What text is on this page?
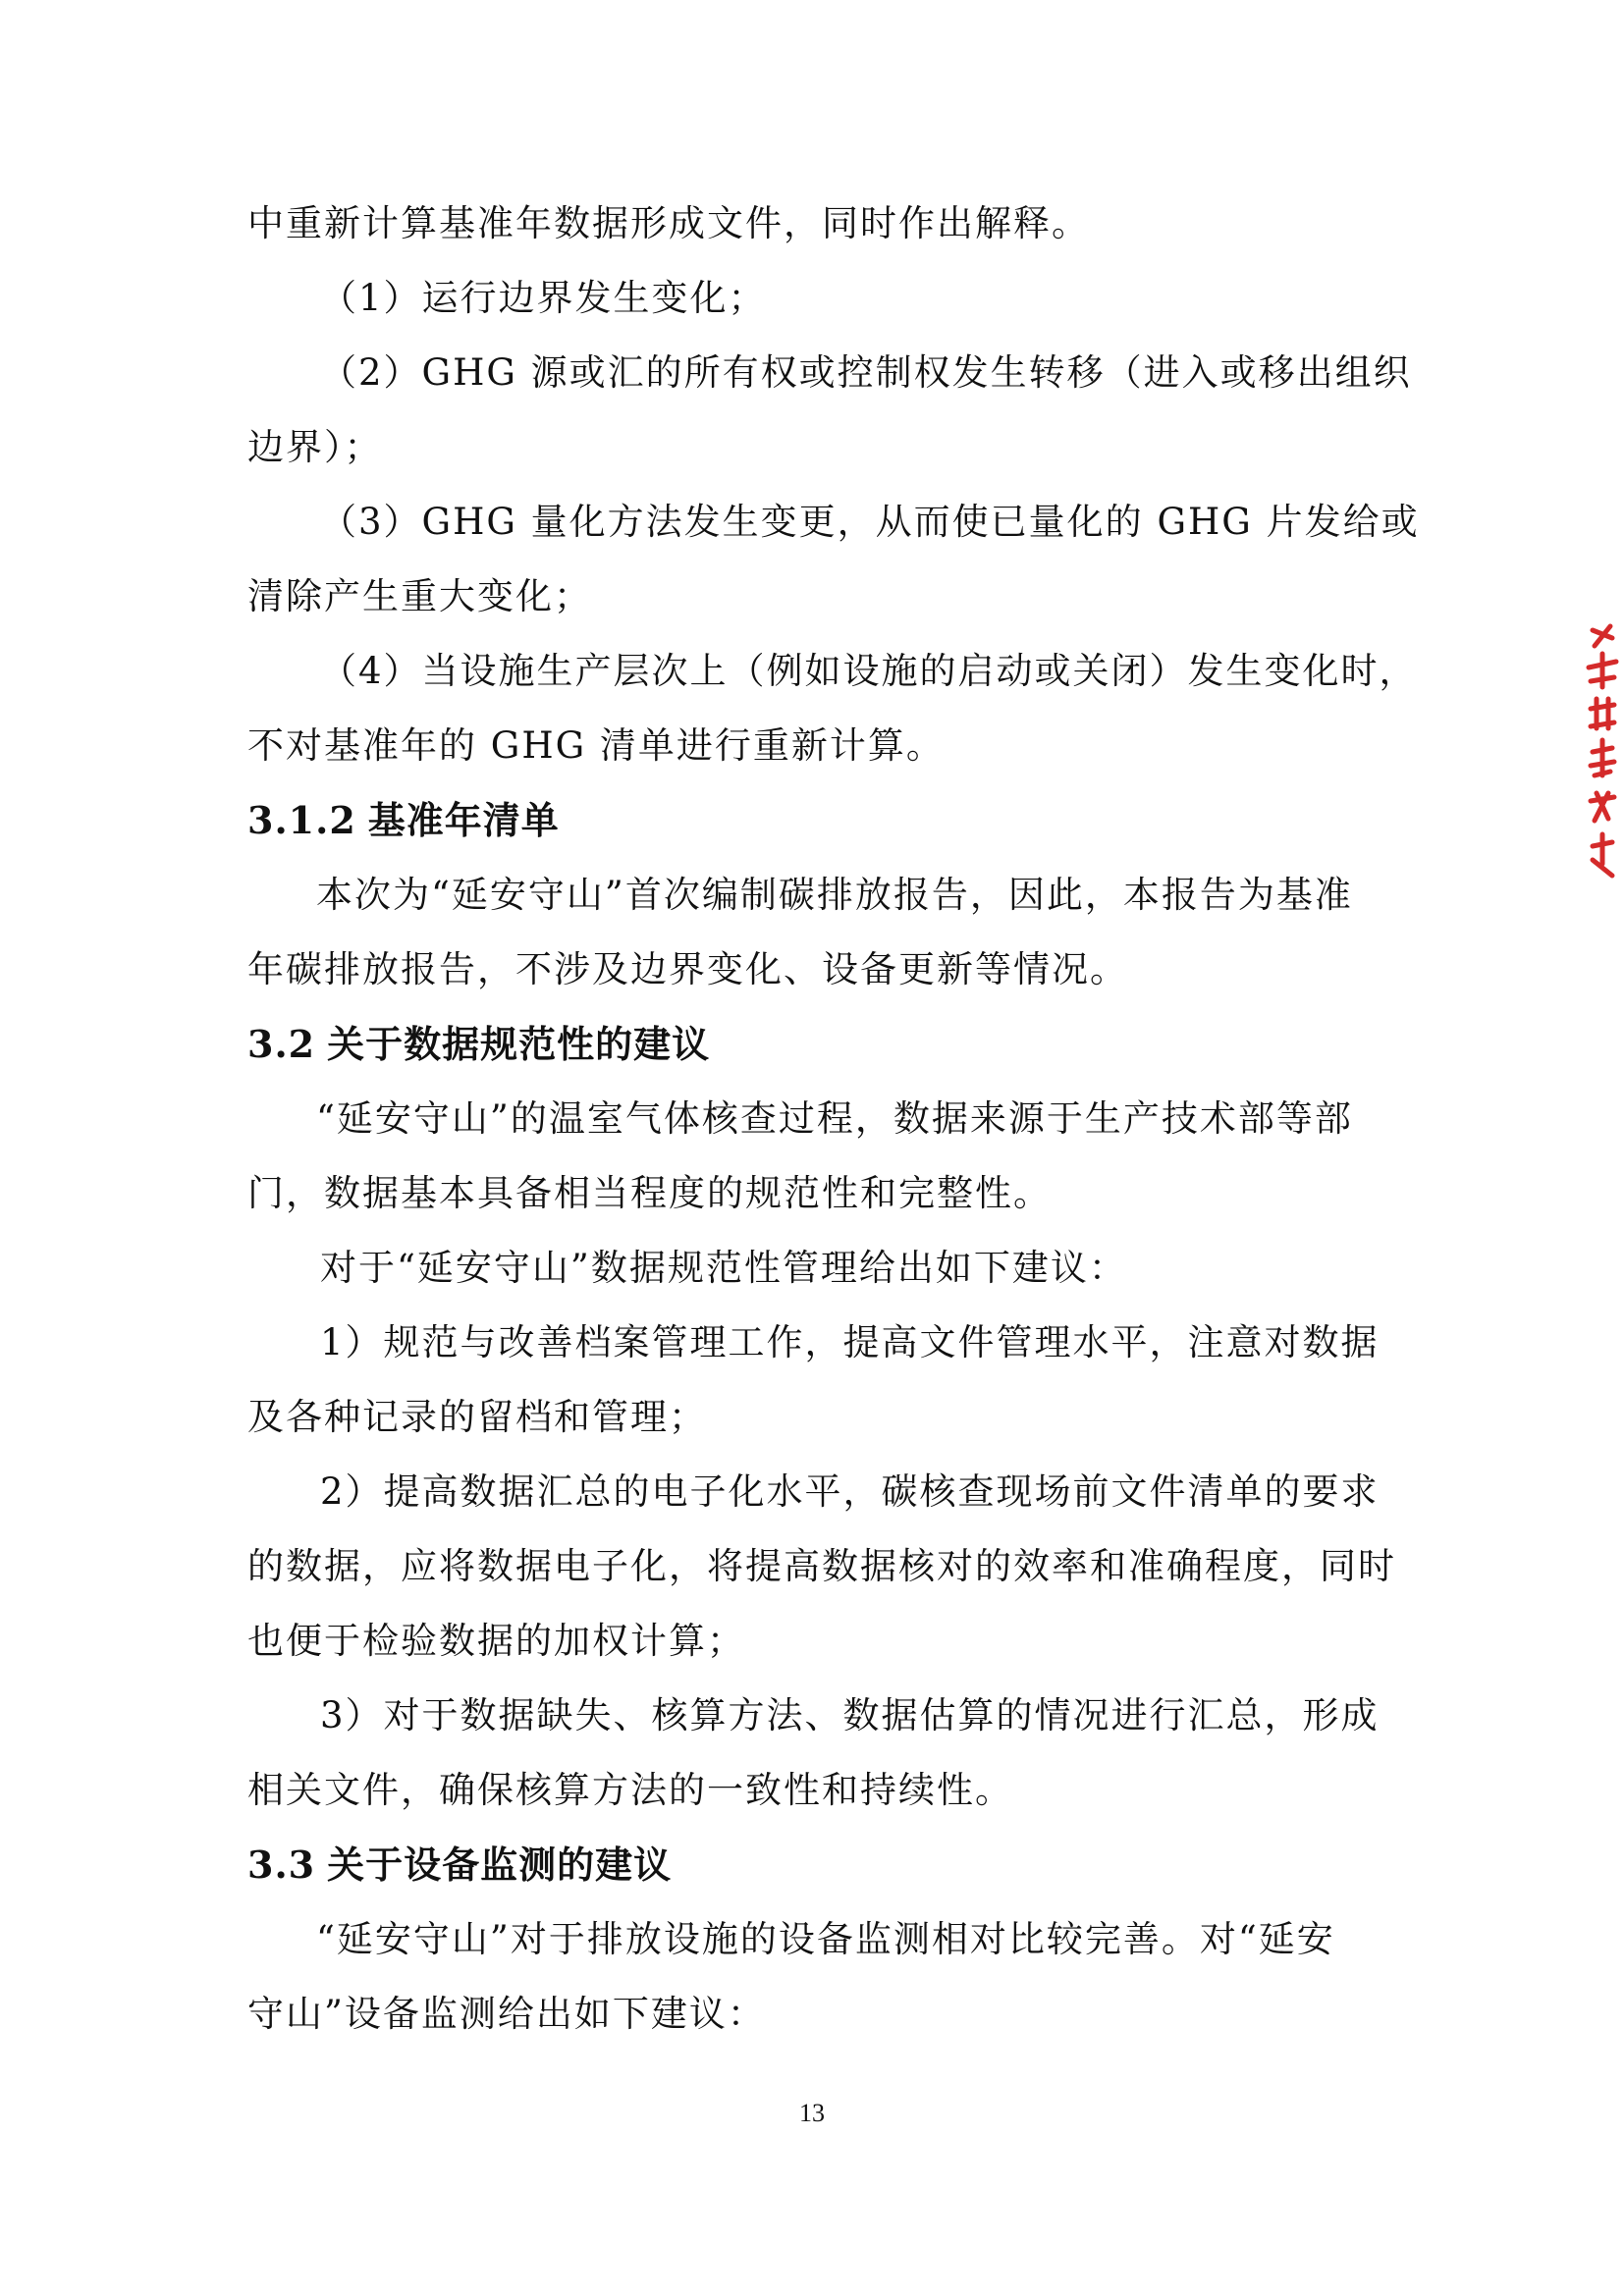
中重新计算基准年数据形成文件，同时作出解释。
（1）运行边界发生变化；
（2）GHG 源或汇的所有权或控制权发生转移（进入或移出组织
边界）；
（3）GHG 量化方法发生变更，从而使已量化的 GHG 片发给或
清除产生重大变化；
（4）当设施生产层次上（例如设施的启动或关闭）发生变化时，
不对基准年的 GHG 清单进行重新计算。
3.1.2 基准年清单
本次为“延安守山”首次编制碳排放报告，因此，本报告为基准
年碳排放报告，不涉及边界变化、设备更新等情况。
3.2 关于数据规范性的建议
“延安守山”的温室气体核查过程，数据来源于生产技术部等部
门，数据基本具备相当程度的规范性和完整性。
对于“延安守山”数据规范性管理给出如下建议：
1）规范与改善档案管理工作，提高文件管理水平，注意对数据
及各种记录的留档和管理；
2）提高数据汇总的电子化水平，碳核查现场前文件清单的要求
的数据，应将数据电子化，将提高数据核对的效率和准确程度，同时
也便于检验数据的加权计算；
3）对于数据缺失、核算方法、数据估算的情况进行汇总，形成
相关文件，确保核算方法的一致性和持续性。
3.3 关于设备监测的建议
“延安守山”对于排放设施的设备监测相对比较完善。对“延安
守山”设备监测给出如下建议：
13
